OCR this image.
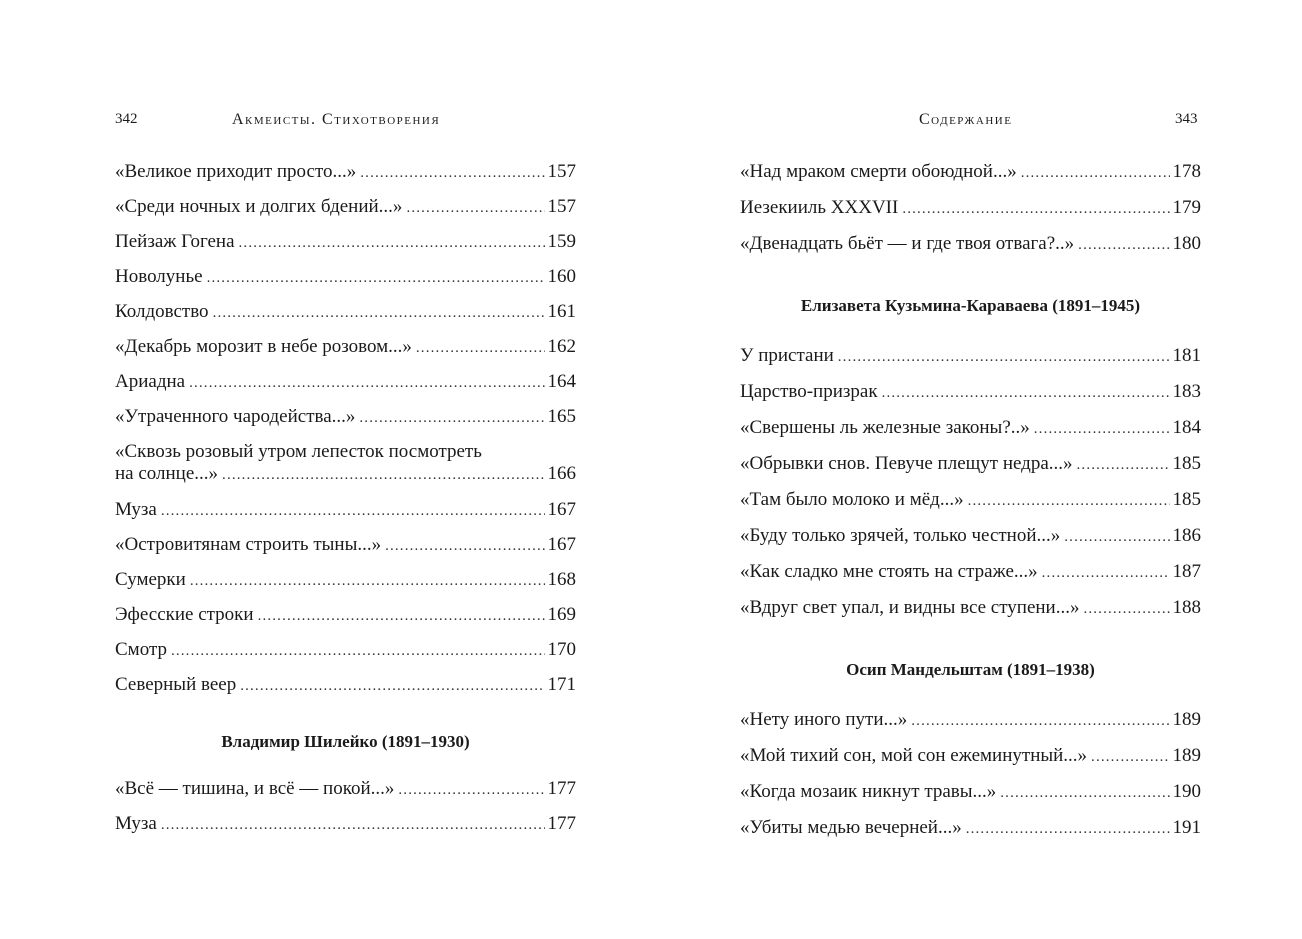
342	Акмеисты. Стихотворения	Содержание	343
«Великое приходит просто...» . . .	157
«Среди ночных и долгих бдений...» . . .	157
Пейзаж Гогена . . .	159
Новолунье . . .	160
Колдовство . . .	161
«Декабрь морозит в небе розовом...» . . .	162
Ариадна . . .	164
«Утраченного чародейства...» . . .	165
«Сквозь розовый утром лепесток посмотреть
на солнце...» . . .	166
Муза . . .	167
«Островитянам строить тыны...» . . .	167
Сумерки . . .	168
Эфесские строки . . .	169
Смотр . . .	170
Северный веер . . .	171
Владимир Шилейко (1891–1930)
«Всё — тишина, и всё — покой...» . . .	177
Муза . . .	177
«Над мраком смерти обоюдной...» . . .	178
Иезекииль XXXVII . . .	179
«Двенадцать бьёт — и где твоя отвага?..» . . .	180
Елизавета Кузьмина-Караваева (1891–1945)
У пристани . . .	181
Царство-призрак . . .	183
«Свершены ль железные законы?..» . . .	184
«Обрывки снов. Певуче плещут недра...» . . .	185
«Там было молоко и мёд...» . . .	185
«Буду только зрячей, только честной...» . . .	186
«Как сладко мне стоять на страже...» . . .	187
«Вдруг свет упал, и видны все ступени...» . . .	188
Осип Мандельштам (1891–1938)
«Нету иного пути...» . . .	189
«Мой тихий сон, мой сон ежеминутный...» . . .	189
«Когда мозаик никнут травы...» . . .	190
«Убиты медью вечерней...» . . .	191
